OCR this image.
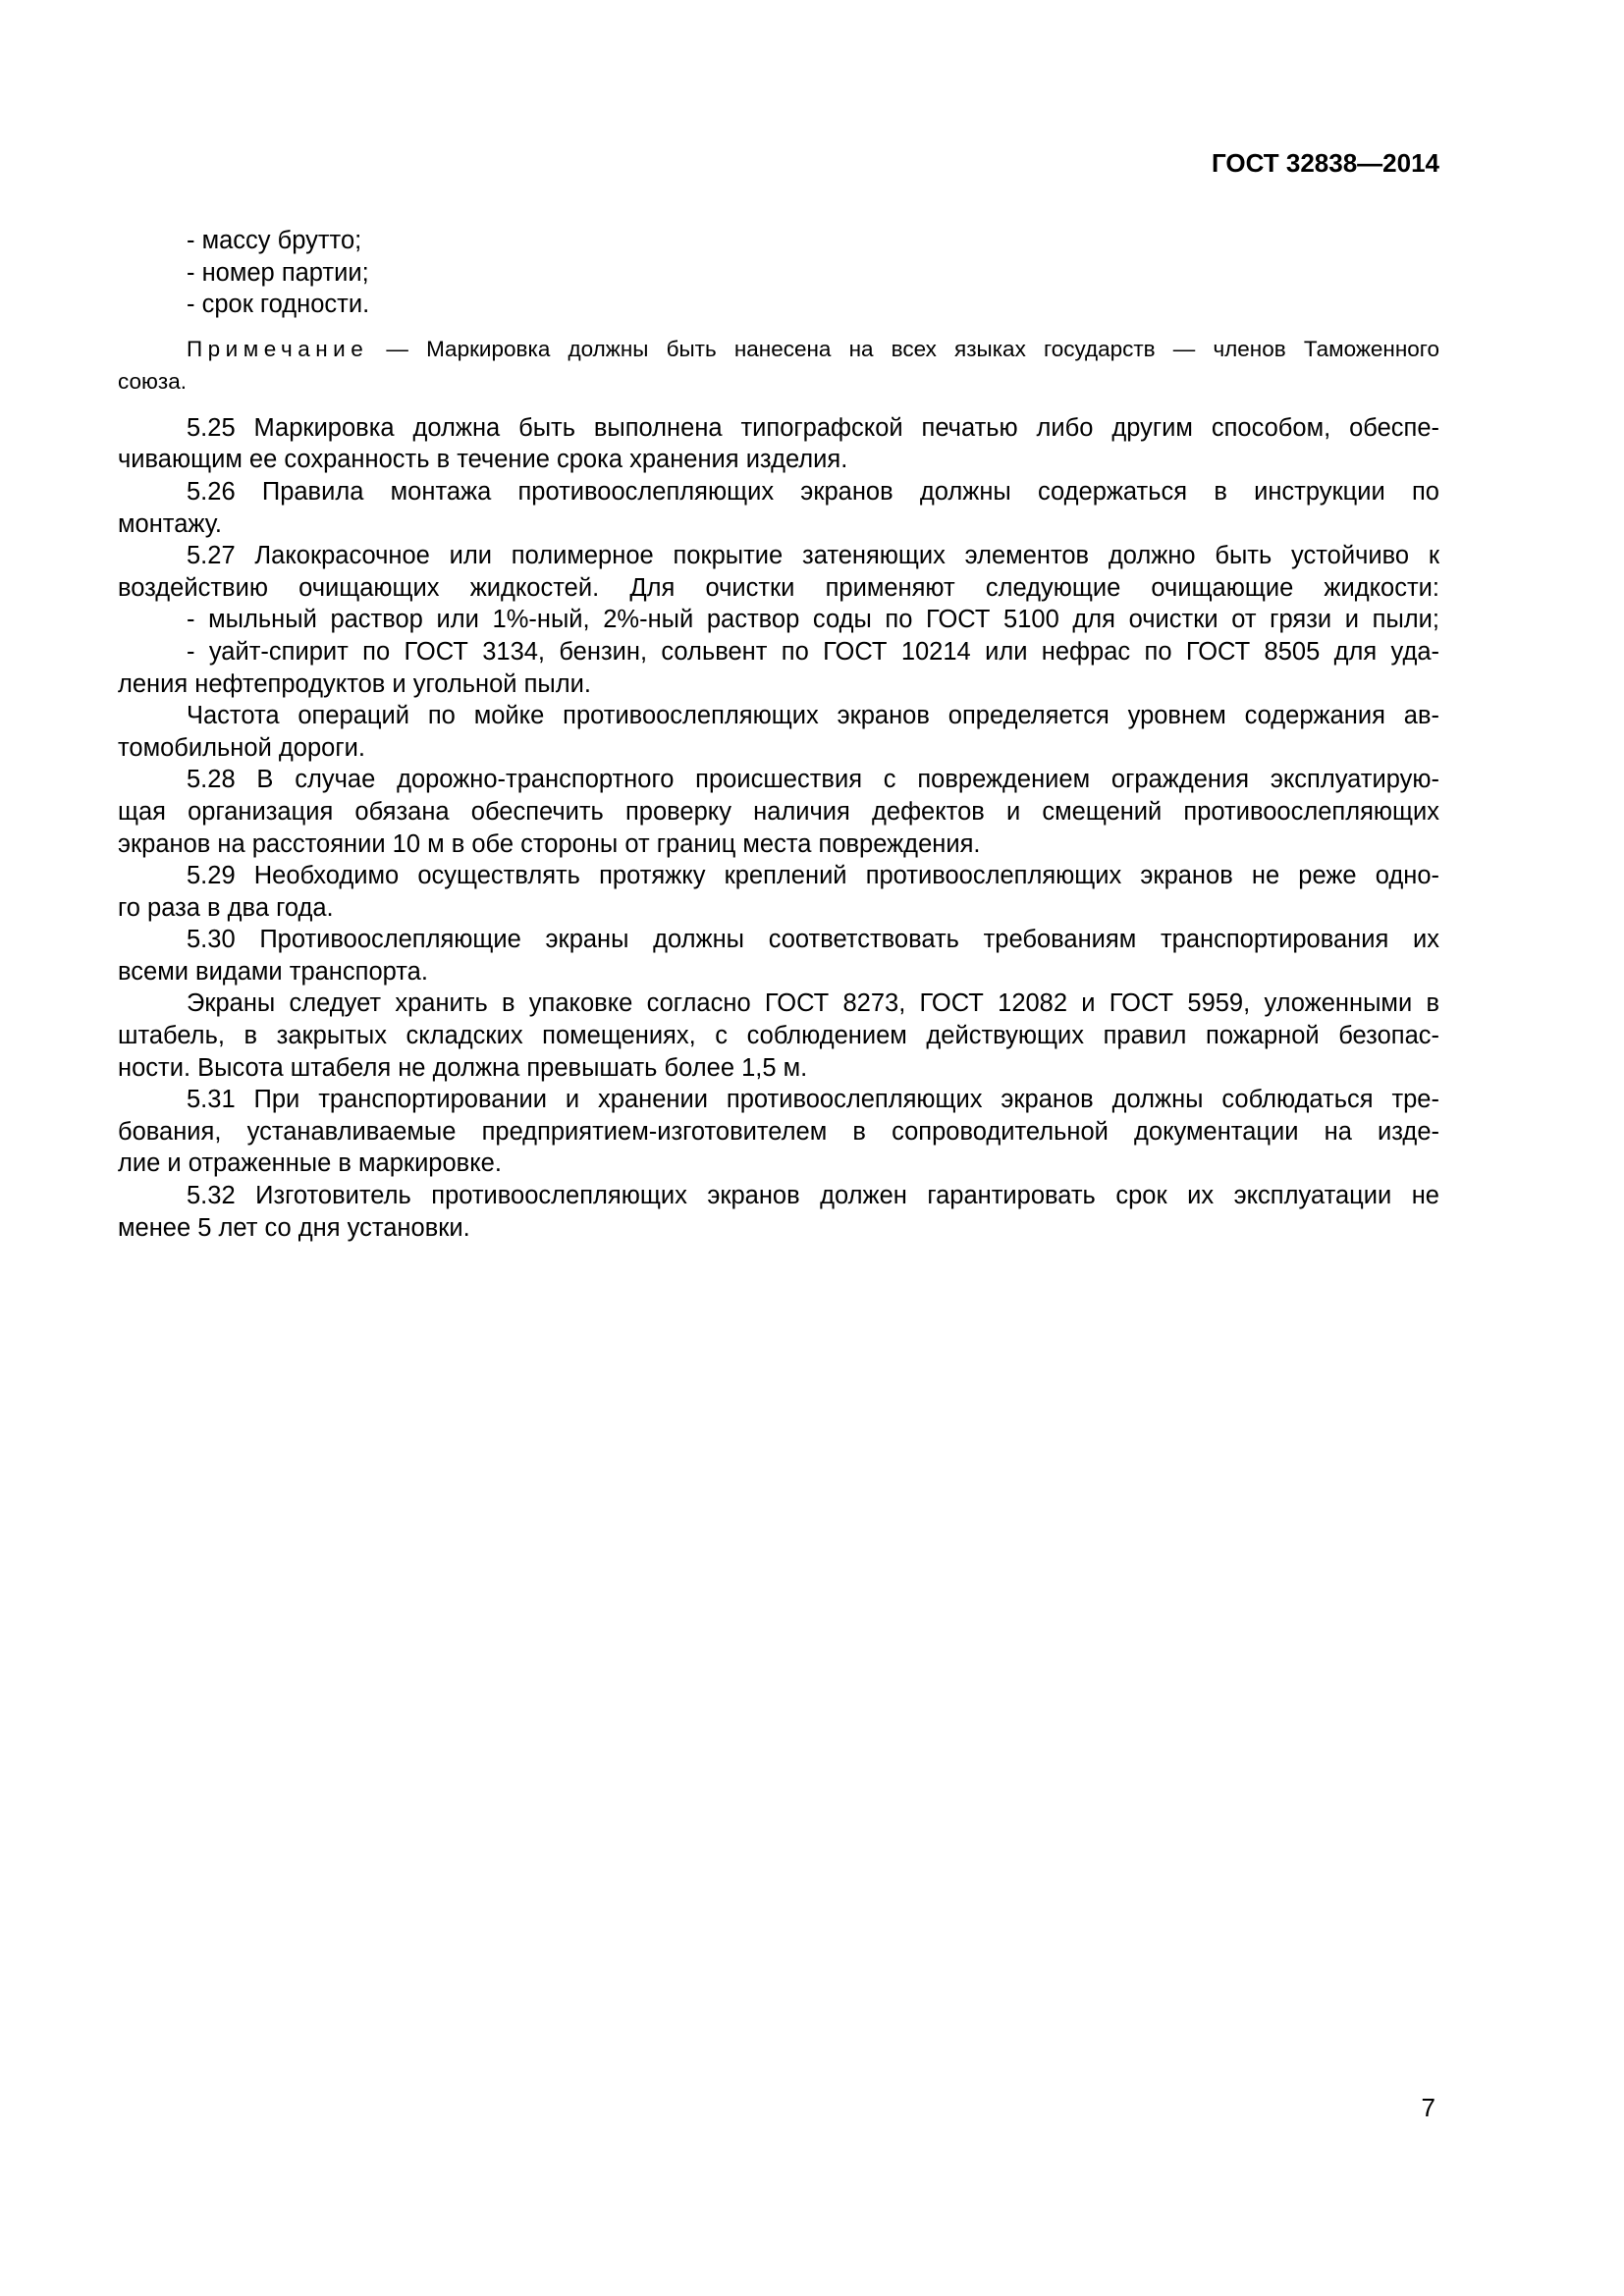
ГОСТ 32838—2014
- массу брутто;
- номер партии;
- срок годности.
Примечание — Маркировка должны быть нанесена на всех языках государств — членов Таможенного
союза.
5.25 Маркировка должна быть выполнена типографской печатью либо другим способом, обеспе-
чивающим ее сохранность в течение срока хранения изделия.
5.26 Правила монтажа противоослепляющих экранов должны содержаться в инструкции по
монтажу.
5.27 Лакокрасочное или полимерное покрытие затеняющих элементов должно быть устойчиво к
воздействию очищающих жидкостей. Для очистки применяют следующие очищающие жидкости:
- мыльный раствор или 1%-ный, 2%-ный раствор соды по ГОСТ 5100 для очистки от грязи и пыли;
- уайт-спирит по ГОСТ 3134, бензин, сольвент по ГОСТ 10214 или нефрас по ГОСТ 8505 для уда-
ления нефтепродуктов и угольной пыли.
Частота операций по мойке противоослепляющих экранов определяется уровнем содержания ав-
томобильной дороги.
5.28 В случае дорожно-транспортного происшествия с повреждением ограждения эксплуатирую-
щая организация обязана обеспечить проверку наличия дефектов и смещений противоослепляющих
экранов на расстоянии 10 м в обе стороны от границ места повреждения.
5.29 Необходимо осуществлять протяжку креплений противоослепляющих экранов не реже одно-
го раза в два года.
5.30 Противоослепляющие экраны должны соответствовать требованиям транспортирования их
всеми видами транспорта.
Экраны следует хранить в упаковке согласно ГОСТ 8273, ГОСТ 12082 и ГОСТ 5959, уложенными в
штабель, в закрытых складских помещениях, с соблюдением действующих правил пожарной безопас-
ности. Высота штабеля не должна превышать более 1,5 м.
5.31 При транспортировании и хранении противоослепляющих экранов должны соблюдаться тре-
бования, устанавливаемые предприятием-изготовителем в сопроводительной документации на изде-
лие и отраженные в маркировке.
5.32 Изготовитель противоослепляющих экранов должен гарантировать срок их эксплуатации не
менее 5 лет со дня установки.
7
